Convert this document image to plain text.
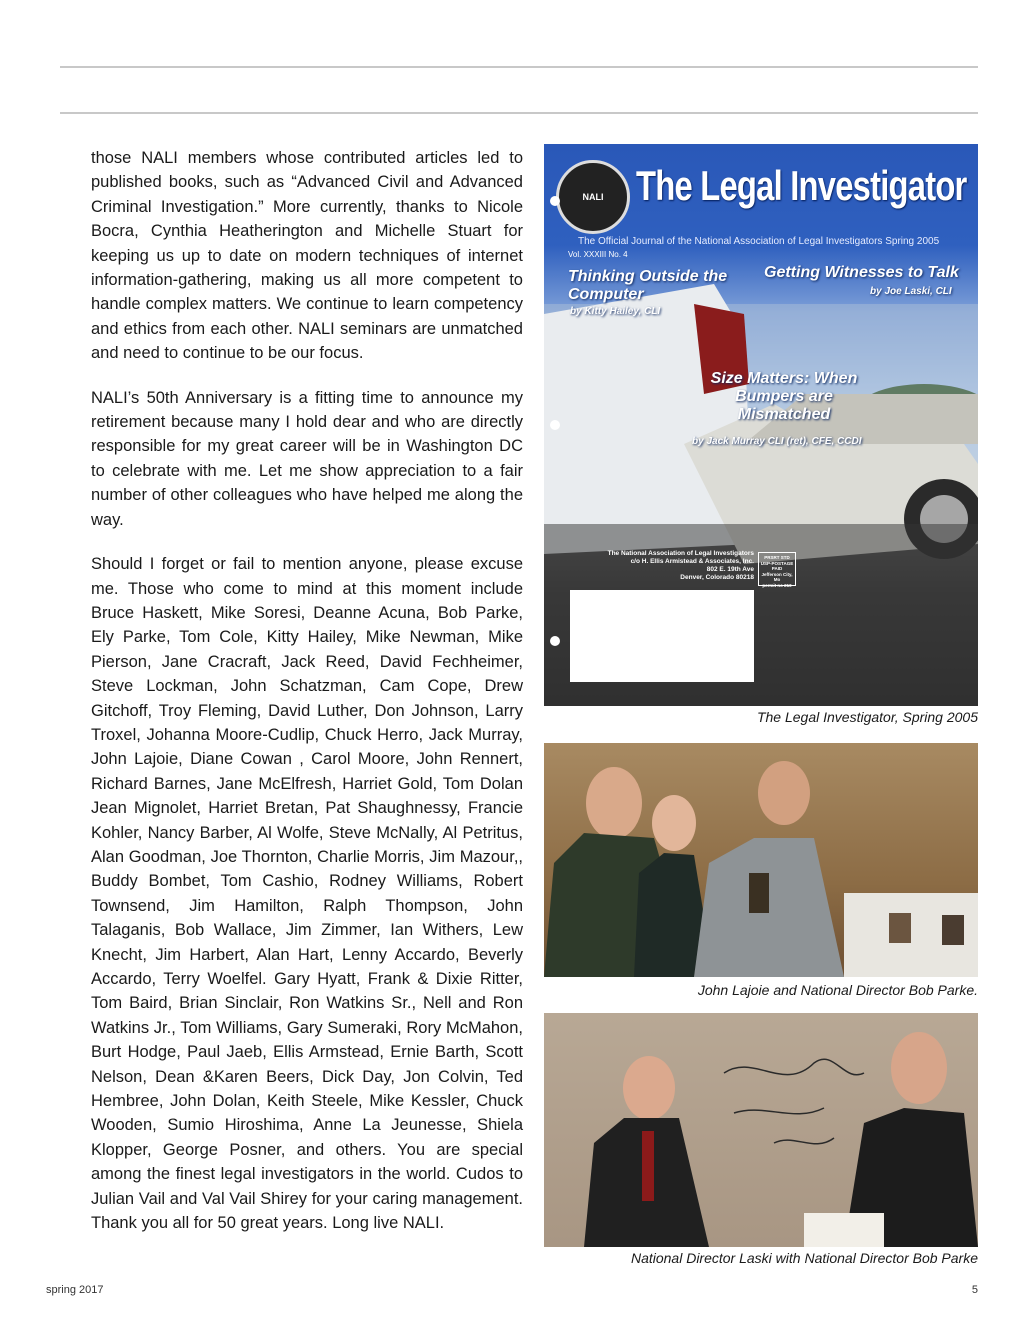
those NALI members whose contributed articles led to published books, such as “Advanced Civil and Advanced Criminal Investigation.” More currently, thanks to Nicole Bocra, Cynthia Heatherington and Michelle Stuart for keeping us up to date on modern techniques of internet information-gathering, making us all more competent to handle complex matters. We continue to learn competency and ethics from each other. NALI seminars are unmatched and need to continue to be our focus.

NALI’s 50th Anniversary is a fitting time to announce my retirement because many I hold dear and who are directly responsible for my great career will be in Washington DC to celebrate with me. Let me show appreciation to a fair number of other colleagues who have helped me along the way.

Should I forget or fail to mention anyone, please excuse me. Those who come to mind at this moment include Bruce Haskett, Mike Soresi, Deanne Acuna, Bob Parke, Ely Parke, Tom Cole, Kitty Hailey, Mike Newman, Mike Pierson, Jane Cracraft, Jack Reed, David Fechheimer, Steve Lockman, John Schatzman, Cam Cope, Drew Gitchoff, Troy Fleming, David Luther, Don Johnson, Larry Troxel, Johanna Moore-Cudlip, Chuck Herro, Jack Murray, John Lajoie, Diane Cowan , Carol Moore, John Rennert, Richard Barnes, Jane McElfresh, Harriet Gold, Tom Dolan Jean Mignolet, Harriet Bretan, Pat Shaughnessy, Francie Kohler, Nancy Barber, Al Wolfe, Steve McNally, Al Petritus, Alan Goodman, Joe Thornton, Charlie Morris, Jim Mazour,, Buddy Bombet, Tom Cashio, Rodney Williams, Robert Townsend, Jim Hamilton, Ralph Thompson, John Talaganis, Bob Wallace, Jim Zimmer, Ian Withers, Lew Knecht, Jim Harbert, Alan Hart, Lenny Accardo, Beverly Accardo, Terry Woelfel. Gary Hyatt, Frank & Dixie Ritter, Tom Baird, Brian Sinclair, Ron Watkins Sr., Nell and Ron Watkins Jr., Tom Williams, Gary Sumeraki, Rory McMahon, Burt Hodge, Paul Jaeb, Ellis Armstead, Ernie Barth, Scott Nelson, Dean &Karen Beers, Dick Day, Jon Colvin, Ted Hembree, John Dolan, Keith Steele, Mike Kessler, Chuck Wooden, Sumio Hiroshima, Anne La Jeunesse, Shiela Klopper, George Posner, and others. You are special among the finest legal investigators in the world. Cudos to Julian Vail and Val Vail Shirey for your caring management. Thank you all for 50 great years. Long live NALI.

NALI The Legal Investigator
The Official Journal of the National Association of Legal Investigators Spring 2005
Vol. XXXIII No. 4
Thinking Outside the Computer
by Kitty Hailey, CLI
Getting Witnesses to Talk
by Joe Laski, CLI
Size Matters: When Bumpers are Mismatched
by Jack Murray CLI (ret), CFE, CCDI
The National Association of Legal Investigators
c/o H. Ellis Armistead & Associates, Inc.
802 E. 19th Ave
Denver, Colorado 80218
PRSRT STD
USP-POSTAGE
PAID
Jefferson City, Mo
permit no 210
The Legal Investigator, Spring 2005
John Lajoie and National Director Bob Parke.
National Director Laski with National Director Bob Parke
spring 2017	5
